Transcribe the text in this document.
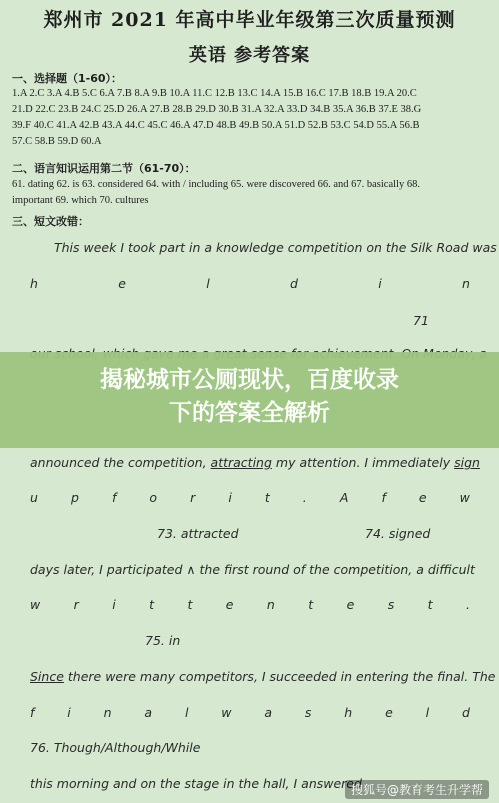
郑州市 2021 年高中毕业年级第三次质量预测
英语 参考答案
一、选择题（1-60）：
1.A 2.C 3.A 4.B 5.C 6.A 7.B 8.A 9.B 10.A 11.C 12.B 13.C 14.A 15.B 16.C 17.B 18.B 19.A 20.C
21.D 22.C 23.B 24.C 25.D 26.A 27.B 28.B 29.D 30.B 31.A 32.A 33.D 34.B 35.A 36.B 37.E 38.G
39.F 40.C 41.A 42.B 43.A 44.C 45.C 46.A 47.D 48.B 49.B 50.A 51.D 52.B 53.C 54.D 55.A 56.B
57.C 58.B 59.D 60.A
二、语言知识运用第二节（61-70）：
61. dating 62. is 63. considered 64. with / including 65. were discovered 66. and 67. basically 68.
important 69. which 70. cultures
三、短文改错：
This week I took part in a knowledge competition on the Silk Road was
h	e	l	d	i	n
71
揭秘城市公厕现状，百度收录
下的答案全解析
announced the competition, attracting my attention. I immediately sign
u	p	f	o	r	i	t	.	A	f	e	w
73. attracted	74. signed
days later, I participated ∧ the first round of the competition, a difficult
w	r	i	t	t	e	n	t	e	s	t	.
75. in
Since there were many competitors, I succeeded in entering the final. The
f	i	n	a	l	w	a	s	h	e	l	d
76. Though/Although/While
this morning and on the stage in the hall, I answered
搜狐号@教育考生升学帮
